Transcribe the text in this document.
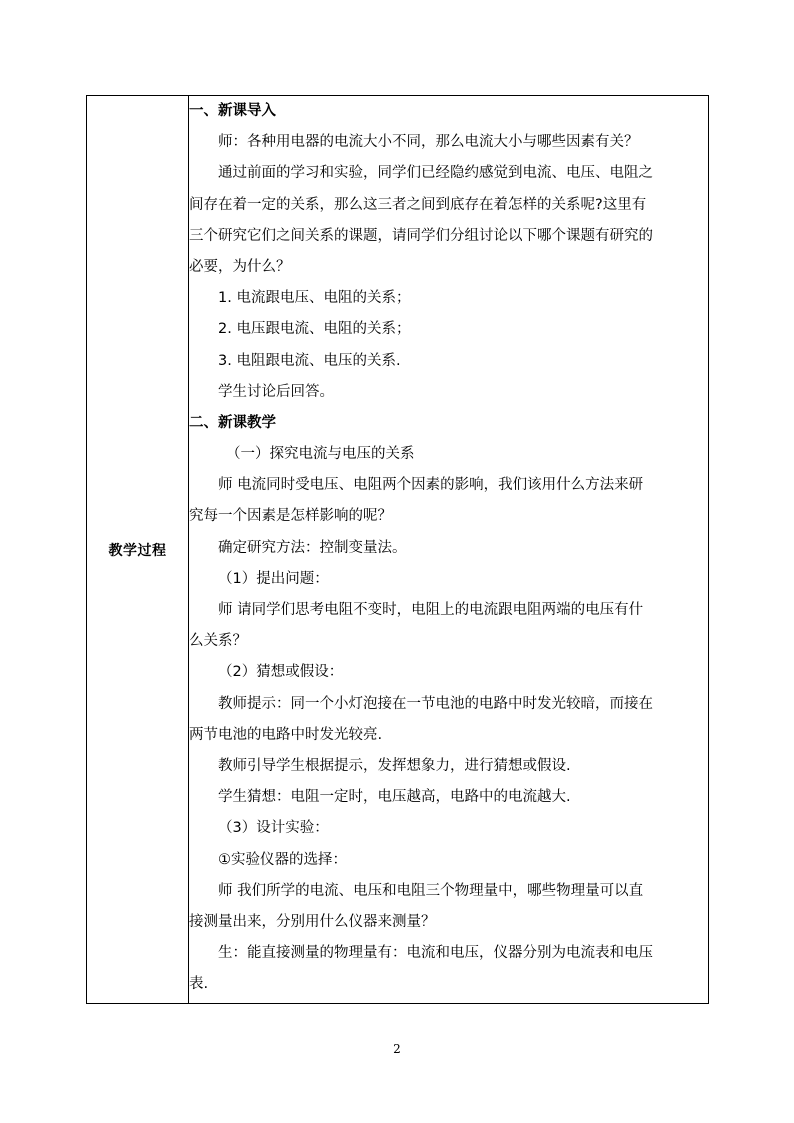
教学过程	
一、新课导入
师：各种用电器的电流大小不同，那么电流大小与哪些因素有关？
通过前面的学习和实验，同学们已经隐约感觉到电流、电压、电阻之
间存在着一定的关系，那么这三者之间到底存在着怎样的关系呢?这里有
三个研究它们之间关系的课题，请同学们分组讨论以下哪个课题有研究的
必要，为什么？
1. 电流跟电压、电阻的关系；
2. 电压跟电流、电阻的关系；
3. 电阻跟电流、电压的关系.
学生讨论后回答。
二、新课教学
（一）探究电流与电压的关系
师 电流同时受电压、电阻两个因素的影响，我们该用什么方法来研
究每一个因素是怎样影响的呢？
确定研究方法：控制变量法。
（1）提出问题：
师 请同学们思考电阻不变时，电阻上的电流跟电阻两端的电压有什
么关系？
（2）猜想或假设：
教师提示：同一个小灯泡接在一节电池的电路中时发光较暗，而接在
两节电池的电路中时发光较亮.
教师引导学生根据提示，发挥想象力，进行猜想或假设.
学生猜想：电阻一定时，电压越高，电路中的电流越大.
（3）设计实验：
①实验仪器的选择：
师 我们所学的电流、电压和电阻三个物理量中，哪些物理量可以直
接测量出来，分别用什么仪器来测量？
生：能直接测量的物理量有：电流和电压，仪器分别为电流表和电压
表.
2
